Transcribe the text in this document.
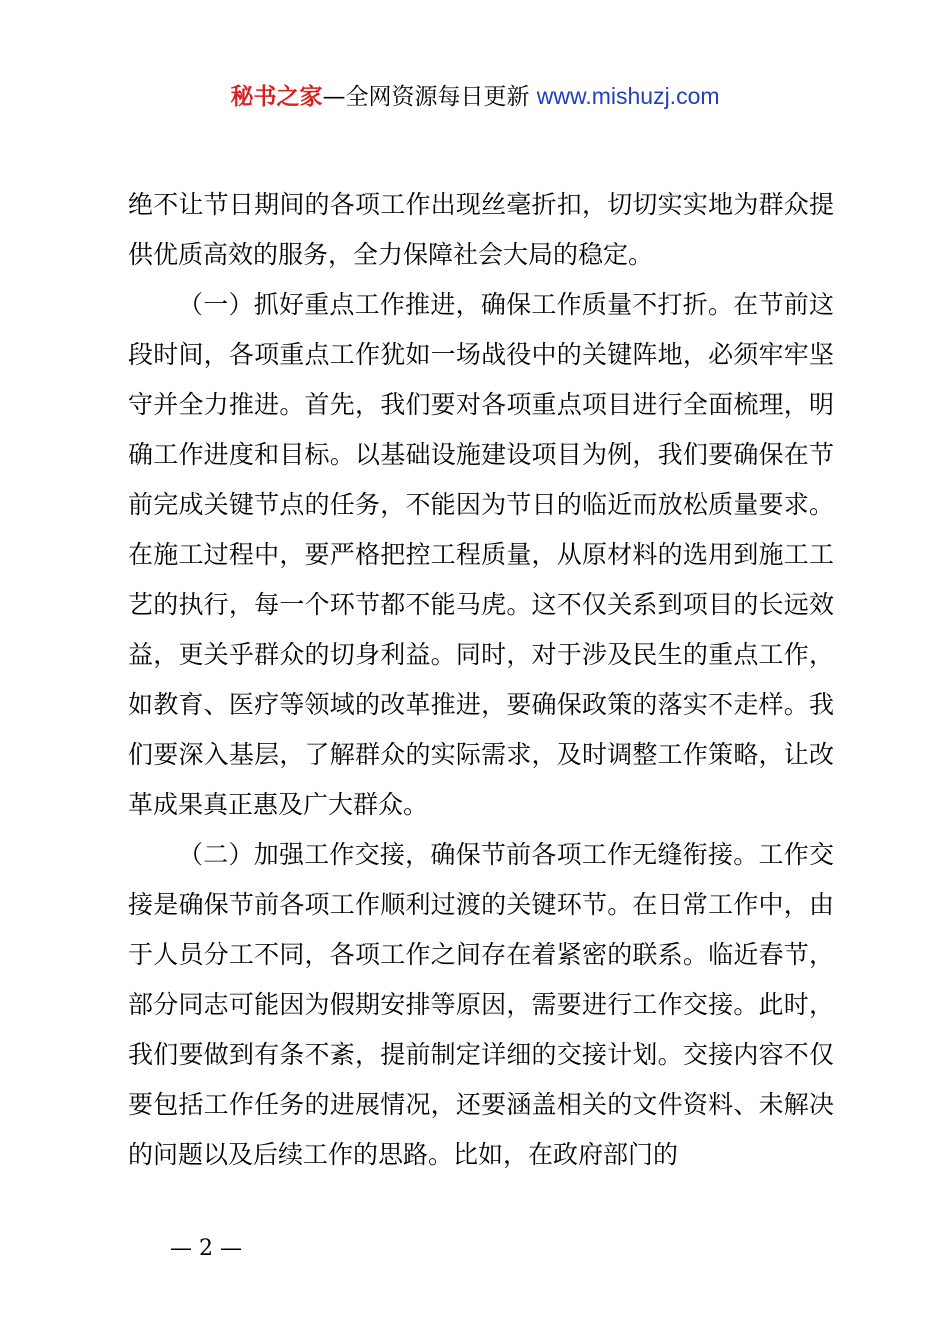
秘书之家—全网资源每日更新 www.mishuzj.com

绝不让节日期间的各项工作出现丝毫折扣，切切实实地为群众提供优质高效的服务，全力保障社会大局的稳定。

（一）抓好重点工作推进，确保工作质量不打折。在节前这段时间，各项重点工作犹如一场战役中的关键阵地，必须牢牢坚守并全力推进。首先，我们要对各项重点项目进行全面梳理，明确工作进度和目标。以基础设施建设项目为例，我们要确保在节前完成关键节点的任务，不能因为节日的临近而放松质量要求。在施工过程中，要严格把控工程质量，从原材料的选用到施工工艺的执行，每一个环节都不能马虎。这不仅关系到项目的长远效益，更关乎群众的切身利益。同时，对于涉及民生的重点工作，如教育、医疗等领域的改革推进，要确保政策的落实不走样。我们要深入基层，了解群众的实际需求，及时调整工作策略，让改革成果真正惠及广大群众。

（二）加强工作交接，确保节前各项工作无缝衔接。工作交接是确保节前各项工作顺利过渡的关键环节。在日常工作中，由于人员分工不同，各项工作之间存在着紧密的联系。临近春节，部分同志可能因为假期安排等原因，需要进行工作交接。此时，我们要做到有条不紊，提前制定详细的交接计划。交接内容不仅要包括工作任务的进展情况，还要涵盖相关的文件资料、未解决的问题以及后续工作的思路。比如，在政府部门的

— 2 —
